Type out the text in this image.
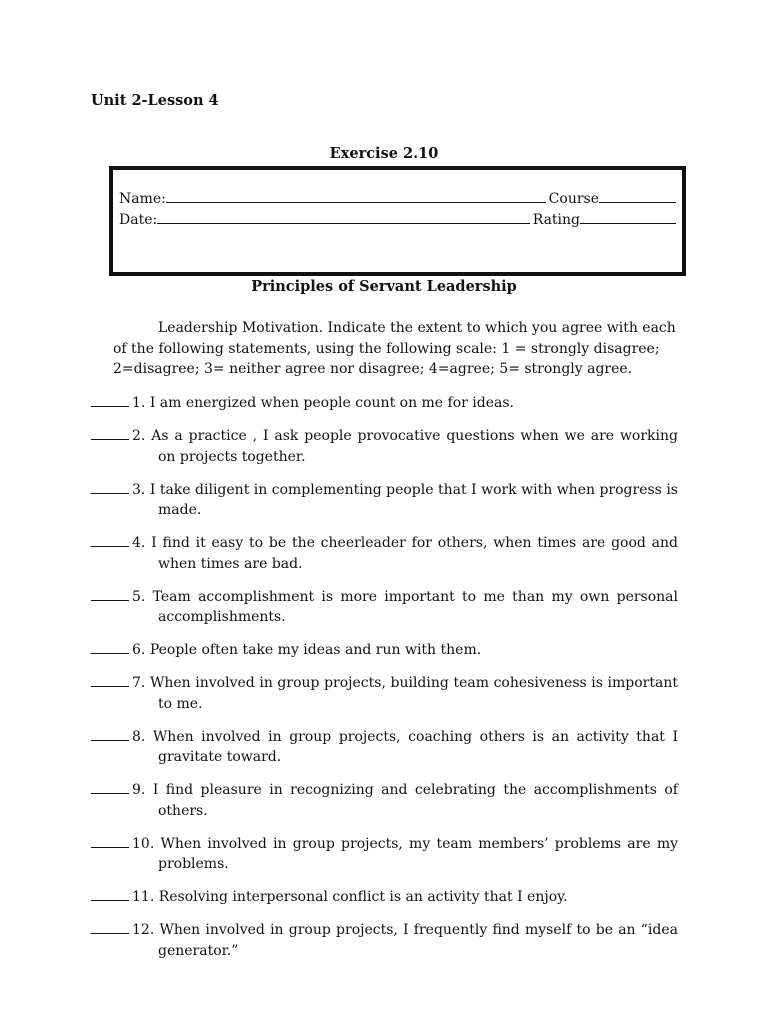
Unit 2-Lesson 4
Exercise 2.10
Name:	Course
Date:	Rating
Principles of Servant Leadership
Leadership Motivation. Indicate the extent to which you agree with each of the following statements, using the following scale: 1 = strongly disagree; 2=disagree; 3= neither agree nor disagree; 4=agree; 5= strongly agree.
1. I am energized when people count on me for ideas.
2. As a practice , I ask people provocative questions when we are working on projects together.
3. I take diligent in complementing people that I work with when progress is made.
4. I find it easy to be the cheerleader for others, when times are good and when times are bad.
5. Team accomplishment is more important to me than my own personal accomplishments.
6. People often take my ideas and run with them.
7. When involved in group projects, building team cohesiveness is important to me.
8. When involved in group projects, coaching others is an activity that I gravitate toward.
9. I find pleasure in recognizing and celebrating the accomplishments of others.
10. When involved in group projects, my team members’ problems are my problems.
11. Resolving interpersonal conflict is an activity that I enjoy.
12. When involved in group projects, I frequently find myself to be an “idea generator.”
